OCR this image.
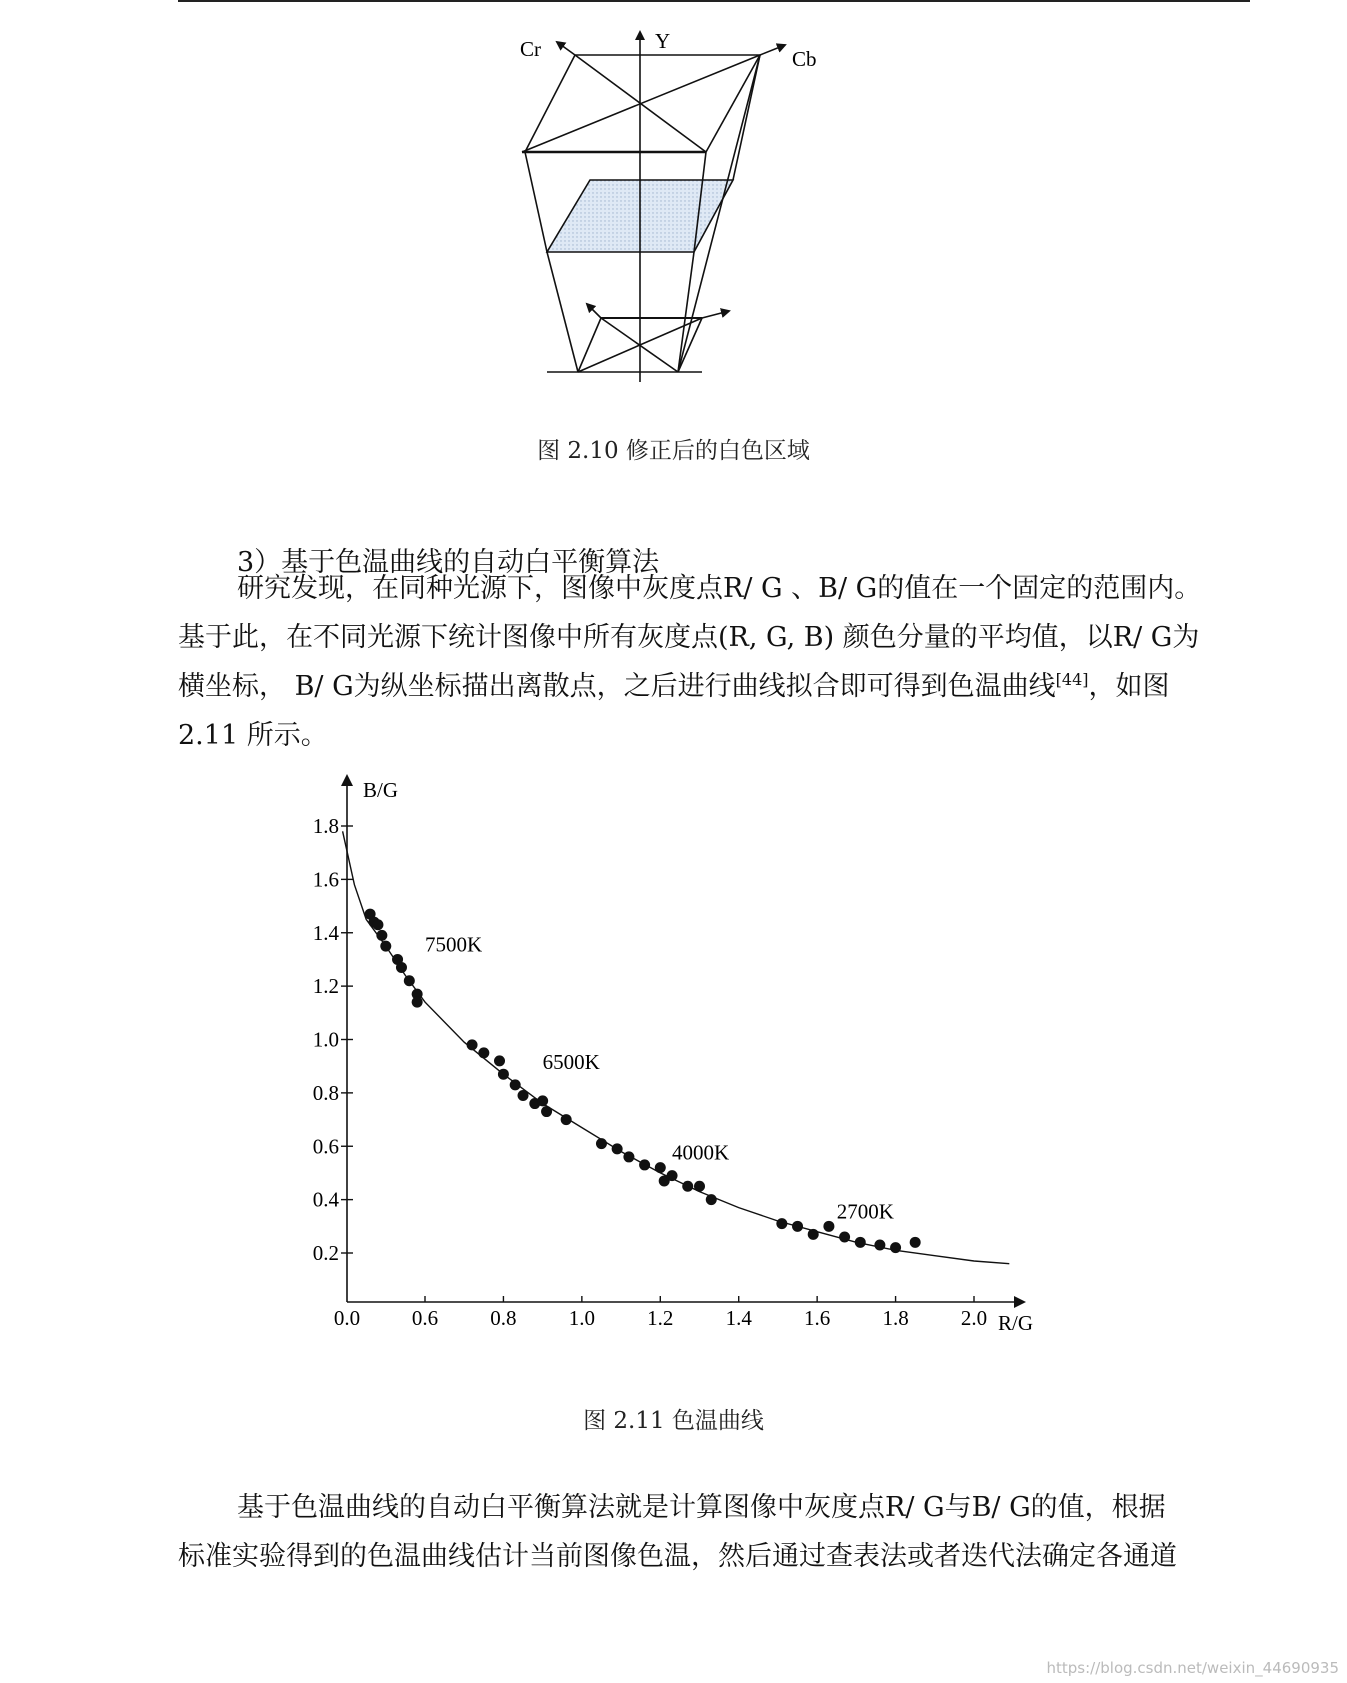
Cr	Y
Cb
图 2.10 修正后的白色区域
3）基于色温曲线的自动白平衡算法

研究发现，在同种光源下，图像中灰度点R/ G 、B/ G的值在一个固定的范围内。

基于此，在不同光源下统计图像中所有灰度点(R, G, B) 颜色分量的平均值，以R/ G为

横坐标， B/ G为纵坐标描出离散点，之后进行曲线拟合即可得到色温曲线[44]，如图

2.11 所示。

0.2
0.4
0.6
0.8
1.0
1.2
1.4
1.6
1.8
0.0 0.6 0.8 1.0 1.2 1.4 1.6 1.8 2.0
B/G
R/G
7500K
6500K
4000K
2700K
图 2.11 色温曲线

基于色温曲线的自动白平衡算法就是计算图像中灰度点R/ G与B/ G的值，根据

标准实验得到的色温曲线估计当前图像色温，然后通过查表法或者迭代法确定各通道

https://blog.csdn.net/weixin_44690935
